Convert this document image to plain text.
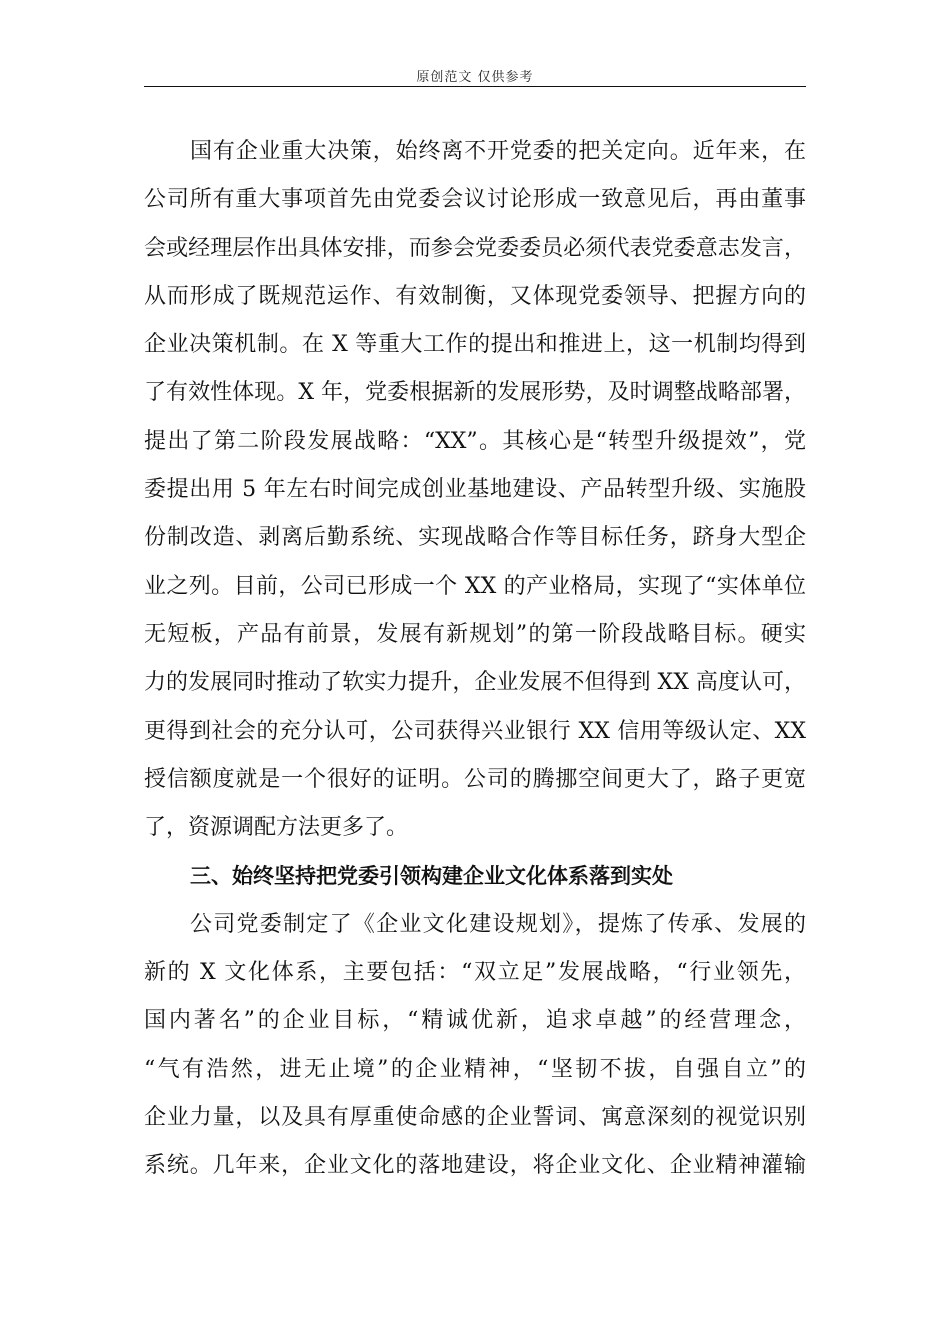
原创范文 仅供参考
国有企业重大决策，始终离不开党委的把关定向。近年来，在
公司所有重大事项首先由党委会议讨论形成一致意见后，再由董事
会或经理层作出具体安排，而参会党委委员必须代表党委意志发言，
从而形成了既规范运作、有效制衡，又体现党委领导、把握方向的
企业决策机制。在 X 等重大工作的提出和推进上，这一机制均得到
了有效性体现。X 年，党委根据新的发展形势，及时调整战略部署，
提出了第二阶段发展战略：“XX”。其核心是“转型升级提效”，党
委提出用 5 年左右时间完成创业基地建设、产品转型升级、实施股
份制改造、剥离后勤系统、实现战略合作等目标任务，跻身大型企
业之列。目前，公司已形成一个 XX 的产业格局，实现了“实体单位
无短板，产品有前景，发展有新规划”的第一阶段战略目标。硬实
力的发展同时推动了软实力提升，企业发展不但得到 XX 高度认可，
更得到社会的充分认可，公司获得兴业银行 XX 信用等级认定、XX
授信额度就是一个很好的证明。公司的腾挪空间更大了，路子更宽
了，资源调配方法更多了。
三、始终坚持把党委引领构建企业文化体系落到实处
公司党委制定了《企业文化建设规划》，提炼了传承、发展的
新的 X 文化体系，主要包括：“双立足”发展战略，“行业领先，
国内著名”的企业目标，“精诚优新，追求卓越”的经营理念，
“气有浩然，进无止境”的企业精神，“坚韧不拔，自强自立”的
企业力量，以及具有厚重使命感的企业誓词、寓意深刻的视觉识别
系统。几年来，企业文化的落地建设，将企业文化、企业精神灌输
